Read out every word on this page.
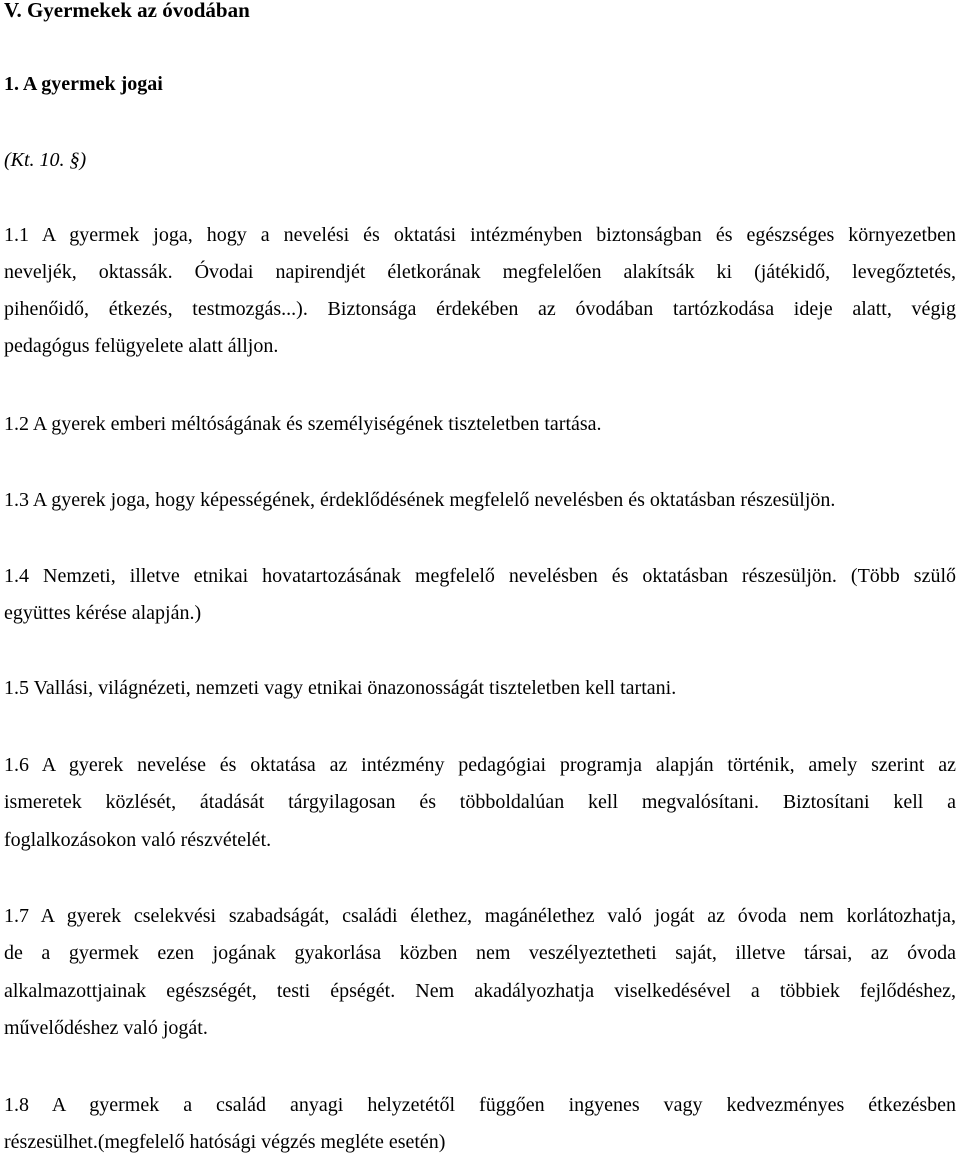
V. Gyermekek az óvodában
1. A gyermek jogai
(Kt. 10. §)
1.1 A gyermek joga, hogy a nevelési és oktatási intézményben biztonságban és egészséges környezetben
neveljék, oktassák. Óvodai napirendjét életkorának megfelelően alakítsák ki (játékidő, levegőztetés,
pihenőidő, étkezés, testmozgás...). Biztonsága érdekében az óvodában tartózkodása ideje alatt, végig
pedagógus felügyelete alatt álljon.
1.2 A gyerek emberi méltóságának és személyiségének tiszteletben tartása.
1.3 A gyerek joga, hogy képességének, érdeklődésének megfelelő nevelésben és oktatásban részesüljön.
1.4 Nemzeti, illetve etnikai hovatartozásának megfelelő nevelésben és oktatásban részesüljön. (Több szülő
együttes kérése alapján.)
1.5 Vallási, világnézeti, nemzeti vagy etnikai önazonosságát tiszteletben kell tartani.
1.6 A gyerek nevelése és oktatása az intézmény pedagógiai programja alapján történik, amely szerint az
ismeretek közlését, átadását tárgyilagosan és többoldalúan kell megvalósítani. Biztosítani kell a
foglalkozásokon való részvételét.
1.7 A gyerek cselekvési szabadságát, családi élethez, magánélethez való jogát az óvoda nem korlátozhatja,
de a gyermek ezen jogának gyakorlása közben nem veszélyeztetheti saját, illetve társai, az óvoda
alkalmazottjainak egészségét, testi épségét. Nem akadályozhatja viselkedésével a többiek fejlődéshez,
művelődéshez való jogát.
1.8 A gyermek a család anyagi helyzetétől függően ingyenes vagy kedvezményes étkezésben
részesülhet.(megfelelő hatósági végzés megléte esetén)
